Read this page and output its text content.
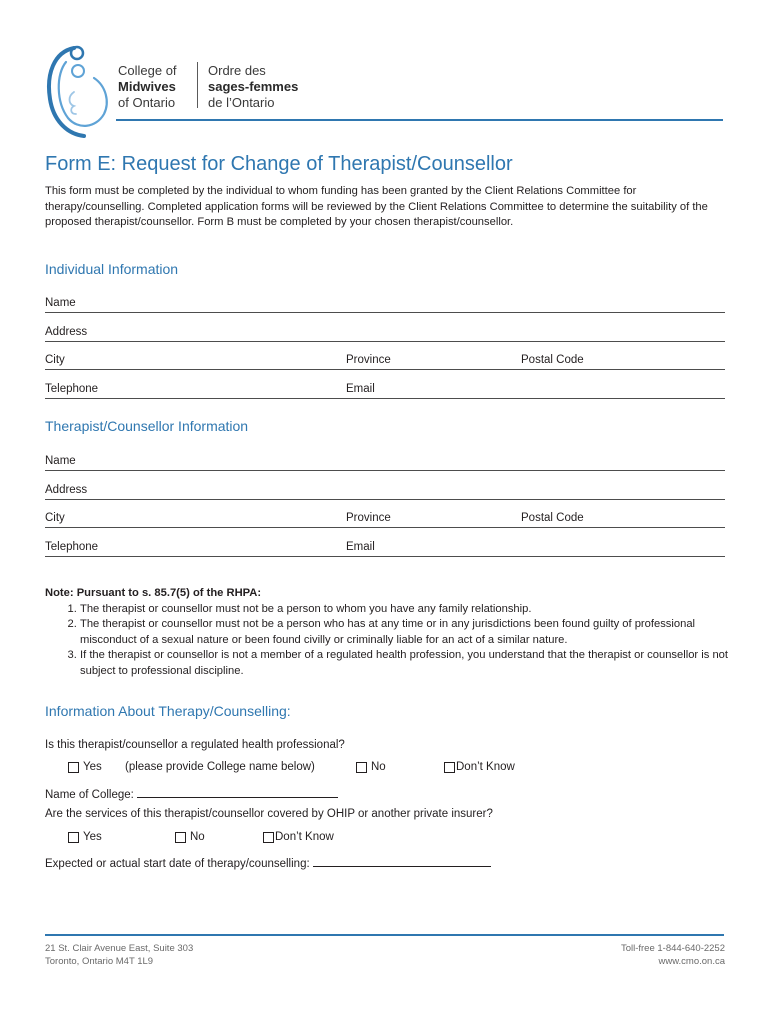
College of
Midwives
of Ontario
Ordre des
sages-femmes
de l’Ontario
Form E: Request for Change of Therapist/Counsellor
This form must be completed by the individual to whom funding has been granted by the Client Relations Committee for therapy/counselling. Completed application forms will be reviewed by the Client Relations Committee to determine the suitability of the proposed therapist/counsellor. Form B must be completed by your chosen therapist/counsellor.
Individual Information
Name
Address
City	Province	Postal Code
Telephone	Email
Therapist/Counsellor Information
Name
Address
City	Province	Postal Code
Telephone	Email
Note: Pursuant to s. 85.7(5) of the RHPA:
1. The therapist or counsellor must not be a person to whom you have any family relationship.
2. The therapist or counsellor must not be a person who has at any time or in any jurisdictions been found guilty of professional misconduct of a sexual nature or been found civilly or criminally liable for an act of a similar nature.
3. If the therapist or counsellor is not a member of a regulated health profession, you understand that the therapist or counsellor is not subject to professional discipline.
Information About Therapy/Counselling:
Is this therapist/counsellor a regulated health professional?
Yes (please provide College name below)	No	Don’t Know
Name of College:
Are the services of this therapist/counsellor covered by OHIP or another private insurer?
Yes	No	Don’t Know
Expected or actual start date of therapy/counselling:
21 St. Clair Avenue East, Suite 303
Toronto, Ontario M4T 1L9
Toll-free 1-844-640-2252
www.cmo.on.ca
